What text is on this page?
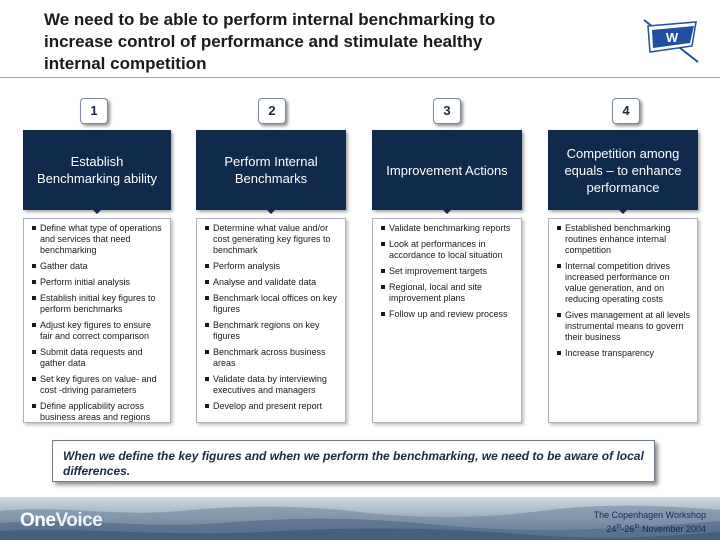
We need to be able to perform internal benchmarking to
increase control of performance and stimulate healthy
internal competition
W
1
Establish Benchmarking ability
Define what type of operations and services that need benchmarking
Gather data
Perform initial analysis
Establish initial key figures to perform benchmarks
Adjust key figures to ensure fair and correct comparison
Submit data requests and gather data
Set key figures on value- and cost -driving parameters
Define applicability across business areas and regions
2
Perform Internal Benchmarks
Determine what value and/or cost generating key figures to benchmark
Perform analysis
Analyse and validate data
Benchmark local offices on key figures
Benchmark regions on key figures
Benchmark across business areas
Validate data by interviewing executives and managers
Develop and present report
3
Improvement Actions
Validate benchmarking reports
Look at performances in accordance to local situation
Set improvement targets
Regional, local and site improvement plans
Follow up and review process
4
Competition among equals – to enhance performance
Established benchmarking routines enhance internal competition
Internal competition drives increased performance on value generation, and on reducing operating costs
Gives management at all levels instrumental means to govern their business
Increase transparency
When we define the key figures and when we perform the benchmarking, we need to be aware of local differences.
OneVoice	The Copenhagen Workshop
24th-26th November 2004
